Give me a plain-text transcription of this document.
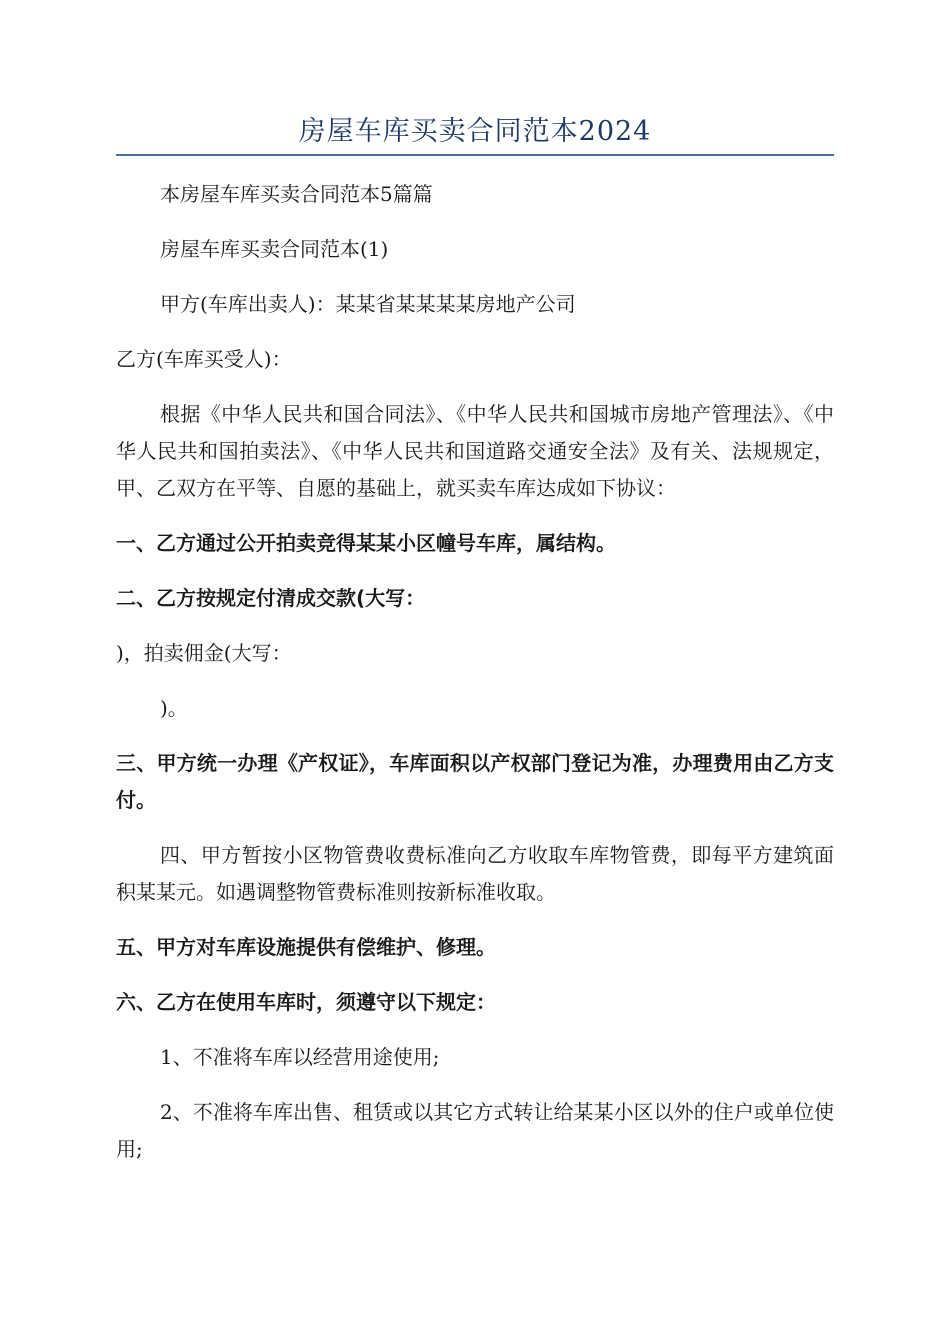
房屋车库买卖合同范本2024

本房屋车库买卖合同范本5篇篇

房屋车库买卖合同范本(1)

甲方(车库出卖人)：某某省某某某某房地产公司

乙方(车库买受人)：

根据《中华人民共和国合同法》、《中华人民共和国城市房地产管理法》、《中华人民共和国拍卖法》、《中华人民共和国道路交通安全法》及有关、法规规定，甲、乙双方在平等、自愿的基础上，就买卖车库达成如下协议：

一、乙方通过公开拍卖竞得某某小区幢号车库，属结构。

二、乙方按规定付清成交款(大写：

)，拍卖佣金(大写：

)。

三、甲方统一办理《产权证》，车库面积以产权部门登记为准，办理费用由乙方支付。

四、甲方暂按小区物管费收费标准向乙方收取车库物管费，即每平方建筑面积某某元。如遇调整物管费标准则按新标准收取。

五、甲方对车库设施提供有偿维护、修理。

六、乙方在使用车库时，须遵守以下规定：

1、不准将车库以经营用途使用;

2、不准将车库出售、租赁或以其它方式转让给某某小区以外的住户或单位使用;
